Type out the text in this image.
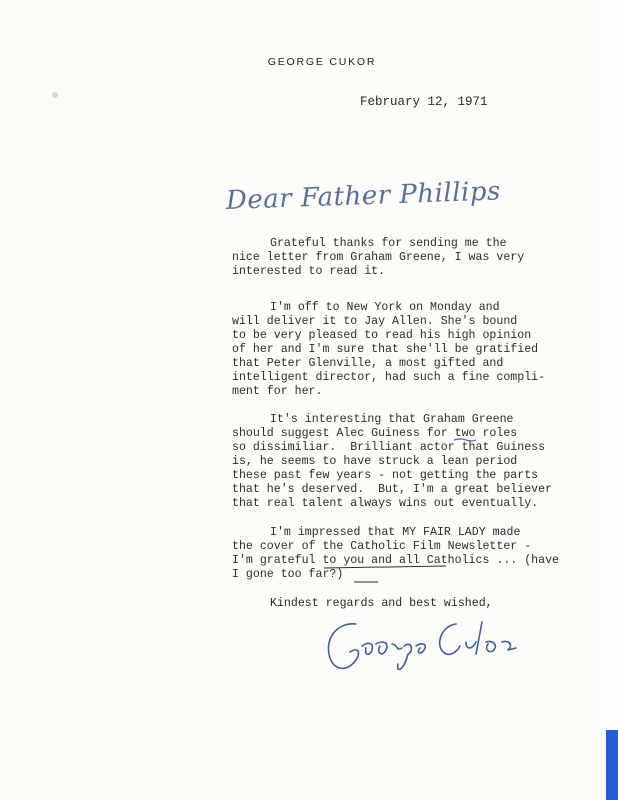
GEORGE CUKOR
February 12, 1971
Dear Father Phillips
Grateful thanks for sending me the
nice letter from Graham Greene, I was very
interested to read it.
I'm off to New York on Monday and
will deliver it to Jay Allen. She's bound
to be very pleased to read his high opinion
of her and I'm sure that she'll be gratified
that Peter Glenville, a most gifted and
intelligent director, had such a fine compli-
ment for her.
It's interesting that Graham Greene
should suggest Alec Guiness for two roles
so dissimiliar.  Brilliant actor that Guiness
is, he seems to have struck a lean period
these past few years - not getting the parts
that he's deserved.  But, I'm a great believer
that real talent always wins out eventually.
I'm impressed that MY FAIR LADY made
the cover of the Catholic Film Newsletter -
I'm grateful to you and all Catholics ... (have
I gone too far?)
Kindest regards and best wished,
